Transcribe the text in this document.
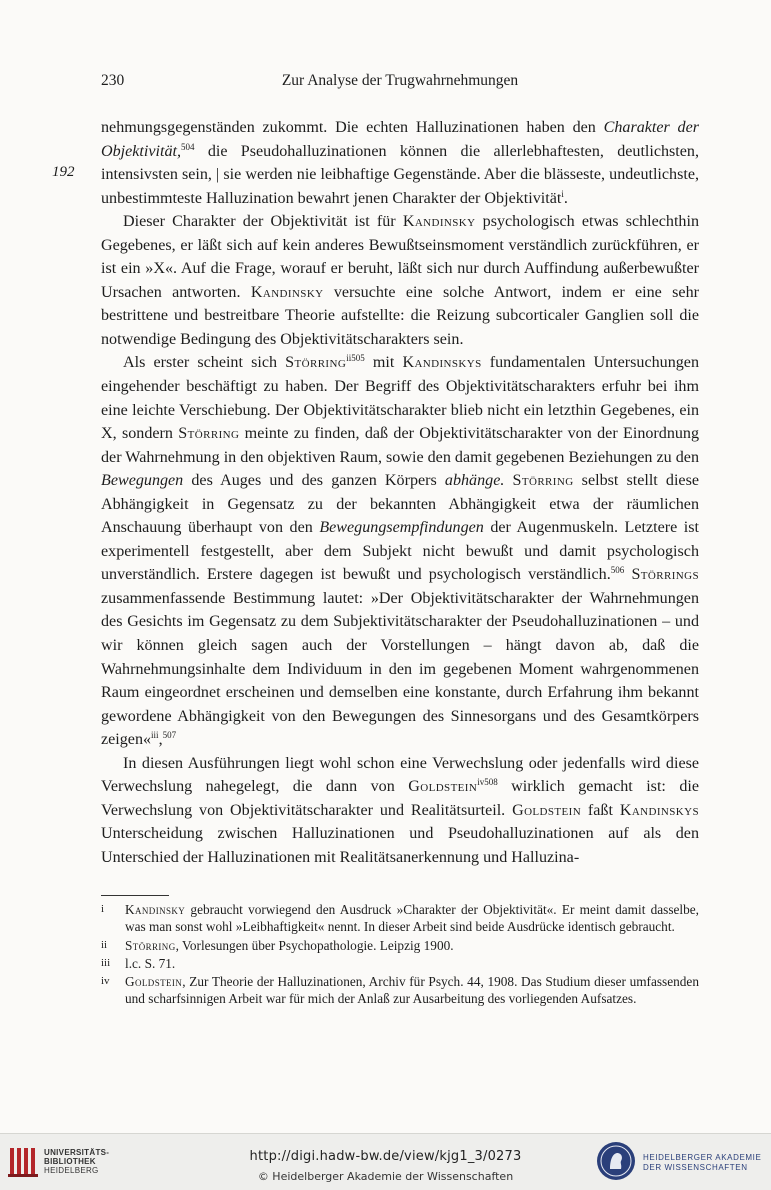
230	Zur Analyse der Trugwahrnehmungen
192

nehmungsgegenständen zukommt. Die echten Halluzinationen haben den Charakter der Objektivität,$^{504}$ die Pseudohalluzinationen können die allerlebhaftesten, deutlichsten, intensivsten sein, | sie werden nie leibhaftige Gegenstände. Aber die blässeste, undeutlichste, unbestimmteste Halluzination bewahrt jenen Charakter der Objektivität$^i$.

Dieser Charakter der Objektivität ist für Kandinsky psychologisch etwas schlechthin Gegebenes, er läßt sich auf kein anderes Bewußtseinsmoment verständlich zurückführen, er ist ein »X«. Auf die Frage, worauf er beruht, läßt sich nur durch Auffindung außerbewußter Ursachen antworten. Kandinsky versuchte eine solche Antwort, indem er eine sehr bestrittene und bestreitbare Theorie aufstellte: die Reizung subcorticaler Ganglien soll die notwendige Bedingung des Objektivitätscharakters sein.

Als erster scheint sich Störring$^{ii505}$ mit Kandinskys fundamentalen Untersuchungen eingehender beschäftigt zu haben. Der Begriff des Objektivitätscharakters erfuhr bei ihm eine leichte Verschiebung. Der Objektivitätscharakter blieb nicht ein letzthin Gegebenes, ein X, sondern Störring meinte zu finden, daß der Objektivitätscharakter von der Einordnung der Wahrnehmung in den objektiven Raum, sowie den damit gegebenen Beziehungen zu den Bewegungen des Auges und des ganzen Körpers abhänge. Störring selbst stellt diese Abhängigkeit in Gegensatz zu der bekannten Abhängigkeit etwa der räumlichen Anschauung überhaupt von den Bewegungsempfindungen der Augenmuskeln. Letztere ist experimentell festgestellt, aber dem Subjekt nicht bewußt und damit psychologisch unverständlich. Erstere dagegen ist bewußt und psychologisch verständlich.$^{506}$ Störrings zusammenfassende Bestimmung lautet: »Der Objektivitätscharakter der Wahrnehmungen des Gesichts im Gegensatz zu dem Subjektivitätscharakter der Pseudohalluzinationen – und wir können gleich sagen auch der Vorstellungen – hängt davon ab, daß die Wahrnehmungsinhalte dem Individuum in den im gegebenen Moment wahrgenommenen Raum eingeordnet erscheinen und demselben eine konstante, durch Erfahrung ihm bekannt gewordene Abhängigkeit von den Bewegungen des Sinnesorgans und des Gesamtkörpers zeigen«$^{iii}$,$^{507}$

In diesen Ausführungen liegt wohl schon eine Verwechslung oder jedenfalls wird diese Verwechslung nahegelegt, die dann von Goldstein$^{iv508}$ wirklich gemacht ist: die Verwechslung von Objektivitätscharakter und Realitätsurteil. Goldstein faßt Kandinskys Unterscheidung zwischen Halluzinationen und Pseudohalluzinationen auf als den Unterschied der Halluzinationen mit Realitätsanerkennung und Halluzina-

i Kandinsky gebraucht vorwiegend den Ausdruck »Charakter der Objektivität«. Er meint damit dasselbe, was man sonst wohl »Leibhaftigkeit« nennt. In dieser Arbeit sind beide Ausdrücke identisch gebraucht.
ii Störring, Vorlesungen über Psychopathologie. Leipzig 1900.
iii l.c. S. 71.
iv Goldstein, Zur Theorie der Halluzinationen, Archiv für Psych. 44, 1908. Das Studium dieser umfassenden und scharfsinnigen Arbeit war für mich der Anlaß zur Ausarbeitung des vorliegenden Aufsatzes.
UNIVERSITÄTS-
BIBLIOTHEK
HEIDELBERG
http://digi.hadw-bw.de/view/kjg1_3/0273
© Heidelberger Akademie der Wissenschaften
HEIDELBERGER AKADEMIE
DER WISSENSCHAFTEN
